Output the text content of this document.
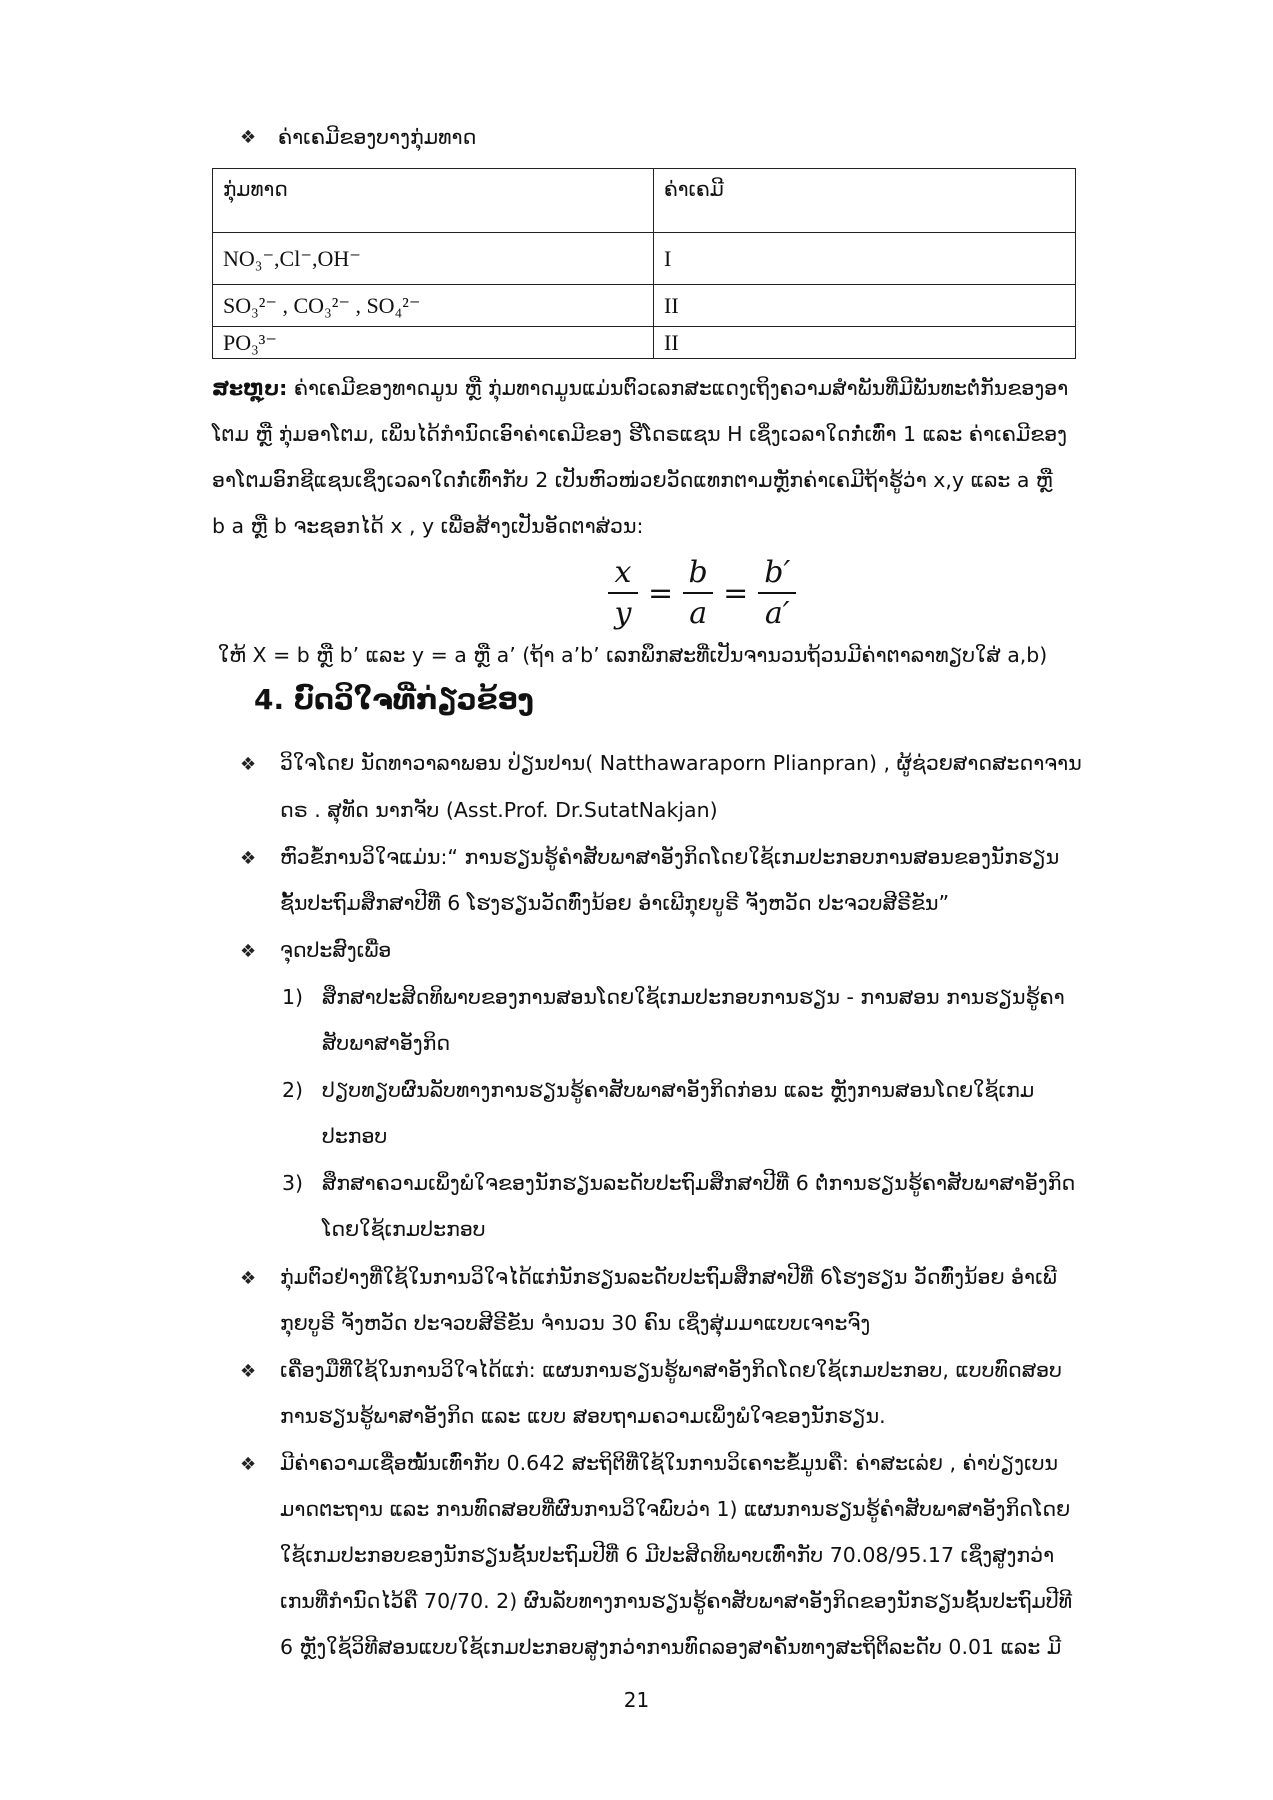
❖ ຄ່າເຄມີຂອງບາງກຸ່ມທາດ
ກຸ່ມທາດ	ຄ່າເຄມີ
NO₃⁻,Cl⁻,OH⁻	I
SO₃²⁻ , CO₃²⁻ , SO₄²⁻	II
PO₃³⁻	II
ສະຫຼຸບ: ຄ່າເຄມີຂອງທາດມູນ ຫຼື ກຸ່ມທາດມູນແມ່ນຕົວເລກສະແດງເຖິງຄວາມສຳພັນທີ່ມີພັນທະຕໍ່ກັນຂອງອາ
ໂຕມ ຫຼື ກຸ່ມອາໂຕມ, ເພິ່ນໄດ້ກຳນົດເອົາຄ່າເຄມີຂອງ ຮີໂດຣແຊນ H ເຊິ່ງເວລາໃດກໍ່ເທົ່າ 1 ແລະ ຄ່າເຄມີຂອງ
ອາໂຕມອົກຊີແຊນເຊິ່ງເວລາໃດກໍ່ເທົ່າກັບ 2 ເປັນຫົວໜ່ວຍວັດແທກຕາມຫຼັກຄ່າເຄມີຖ້າຮູ້ວ່າ x,y ແລະ a ຫຼື
b a ຫຼື b ຈະຊອກໄດ້ x , y ເພື່ອສ້າງເປັນອັດຕາສ່ວນ:
$\frac{x}{y} = \frac{b}{a} = \frac{b'}{a'}$
ໃຫ້ X = b ຫຼື b’ ແລະ y = a ຫຼື a’ (ຖ້າ a’b’ ເລກພຶກສະທີ່ເປັນຈານວນຖ້ວນມີຄ່າຕາລາທຽບໃສ່ a,b)
4. ບົດວິໃຈທີ່ກ່ຽວຂ້ອງ
❖ ວິໃຈໂດຍ ນັດທາວາລາພອນ ປ່ຽນປານ( Natthawaraporn Plianpran) , ຜູ້ຊ່ວຍສາດສະດາຈານ
ດຣ . ສຸທັດ ນາກຈັບ (Asst.Prof. Dr.SutatNakjan)
❖ ຫົວຂໍ້ການວິໃຈແມ່ນ:“ ການຮຽນຮູ້ຄຳສັບພາສາອັງກິດໂດຍໃຊ້ເກມປະກອບການສອນຂອງນັກຮຽນ
ຊັ້ນປະຖົມສຶກສາປີທີ່ 6 ໂຮງຮຽນວັດທົ່ງນ້ອຍ ອຳເພີກຸຍບູຣີ ຈັງຫວັດ ປະຈວບສີຣີຂັນ”
❖ ຈຸດປະສົງເພື່ອ
1) ສຶກສາປະສິດທິພາບຂອງການສອນໂດຍໃຊ້ເກມປະກອບການຮຽນ - ການສອນ ການຮຽນຮູ້ຄາ
ສັບພາສາອັງກິດ
2) ປຽບທຽບຜົນລັບທາງການຮຽນຮູ້ຄາສັບພາສາອັງກິດກ່ອນ ແລະ ຫຼັງການສອນໂດຍໃຊ້ເກມ
ປະກອບ
3) ສຶກສາຄວາມເພິ່ງພໍໃຈຂອງນັກຮຽນລະດັບປະຖົມສຶກສາປີທີ່ 6 ຕໍ່ການຮຽນຮູ້ຄາສັບພາສາອັງກິດ
ໂດຍໃຊ້ເກມປະກອບ
❖ ກຸ່ມຕົວຢ່າງທີ່ໃຊ້ໃນການວິໃຈໄດ້ແກ່ນັກຮຽນລະດັບປະຖົມສຶກສາປີທີ່ 6ໂຮງຮຽນ ວັດທົ່ງນ້ອຍ ອຳເພີ
ກຸຍບູຣີ ຈັງຫວັດ ປະຈວບສີຣີຂັນ ຈຳນວນ 30 ຄົນ ເຊິ່ງສຸ່ມມາແບບເຈາະຈົງ
❖ ເຄື່ອງມືທີ່ໃຊ້ໃນການວິໃຈໄດ້ແກ່: ແຜນການຮຽນຮູ້ພາສາອັງກິດໂດຍໃຊ້ເກມປະກອບ, ແບບທົດສອບ
ການຮຽນຮູ້ພາສາອັງກິດ ແລະ ແບບ ສອບຖາມຄວາມເພິ່ງພໍໃຈຂອງນັກຮຽນ.
❖ ມີຄ່າຄວາມເຊື່ອໝັ້ນເທົ່າກັບ 0.642 ສະຖິຕິທີ່ໃຊ້ໃນການວິເຄາະຂໍ້ມູນຄື: ຄ່າສະເລ່ຍ , ຄ່າບ່ຽງເບນ
ມາດຕະຖານ ແລະ ການທົດສອບທີ່ຜົນການວິໃຈພົບວ່າ 1) ແຜນການຮຽນຮູ້ຄຳສັບພາສາອັງກິດໂດຍ
ໃຊ້ເກມປະກອບຂອງນັກຮຽນຊັ້ນປະຖົມປີທີ່ 6 ມີປະສິດທິພາບເທົ່າກັບ 70.08/95.17 ເຊິ່ງສູງກວ່າ
ເກນທີ່ກຳນົດໄວ້ຄື 70/70. 2) ຜົນລັບທາງການຮຽນຮູ້ຄາສັບພາສາອັງກິດຂອງນັກຮຽນຊັ້ນປະຖົມປີທີ
6 ຫຼັງໃຊ້ວິທີສອນແບບໃຊ້ເກມປະກອບສູງກວ່າການທົດລອງສາຄັນທາງສະຖິຕິລະດັບ 0.01 ແລະ ມີ
21
